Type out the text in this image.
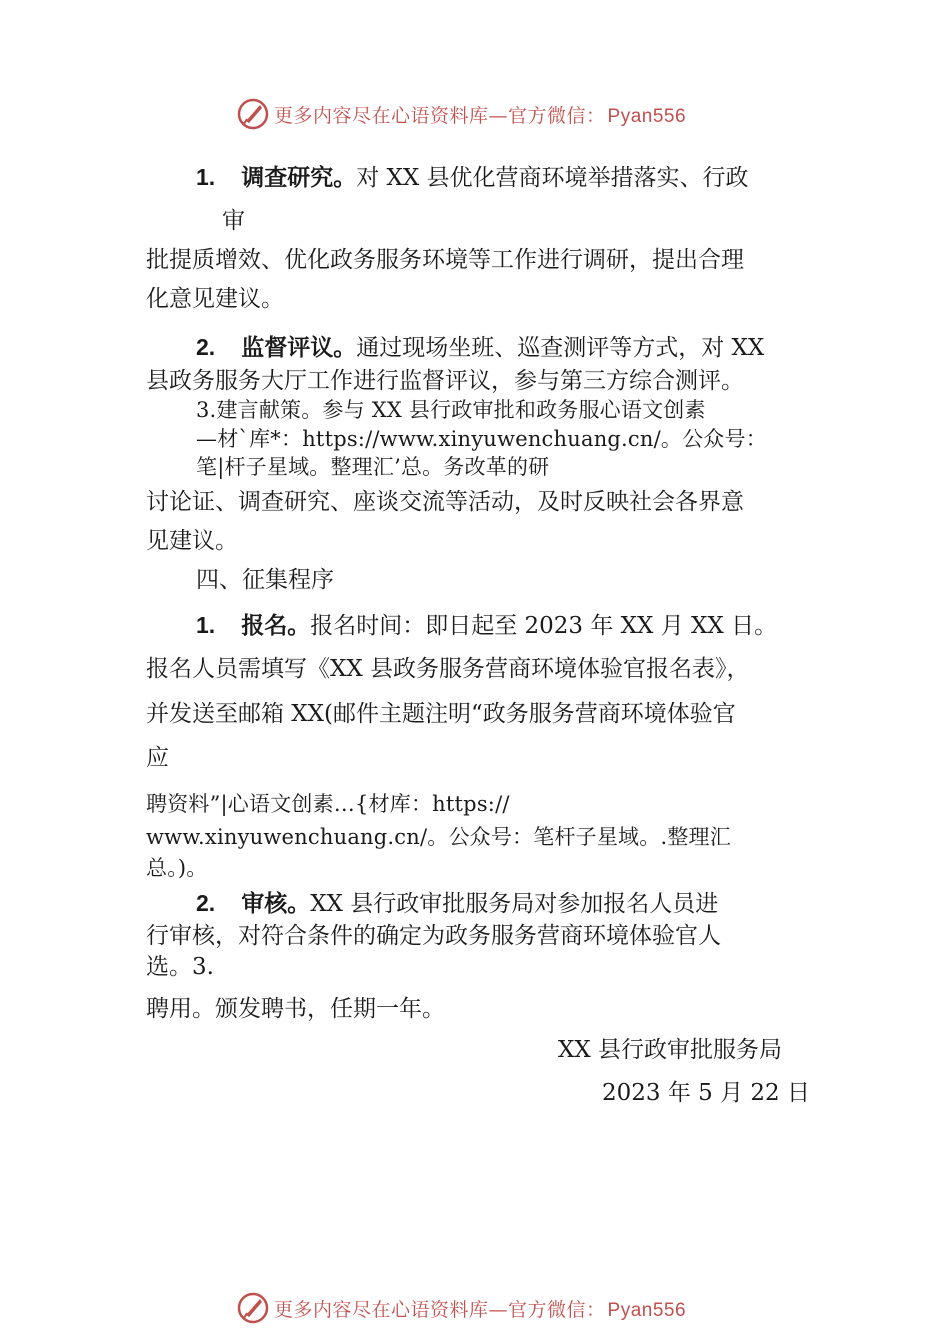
更多内容尽在心语资料库—官方微信： Pyan556
1. 调查研究。对 XX 县优化营商环境举措落实、行政
审
批提质增效、优化政务服务环境等工作进行调研，提出合理
化意见建议。
2. 监督评议。通过现场坐班、巡查测评等方式，对 XX
县政务服务大厅工作进行监督评议，参与第三方综合测评。
3.建言献策。参与 XX 县行政审批和政务服心语文创素
—材`库*：https://www.xinyuwenchuang.cn/。公众号：
笔|杆子星域。整理汇’总。务改革的研
讨论证、调查研究、座谈交流等活动，及时反映社会各界意
见建议。
四、征集程序
1. 报名。报名时间：即日起至 2023 年 XX 月 XX 日。
报名人员需填写《XX 县政务服务营商环境体验官报名表》，
并发送至邮箱 XX(邮件主题注明“政务服务营商环境体验官
应
聘资料”|心语文创素…{材库：https://
www.xinyuwenchuang.cn/。公众号：笔杆子星域。.整理汇
总。)。
2. 审核。XX 县行政审批服务局对参加报名人员进
行审核，对符合条件的确定为政务服务营商环境体验官人
选。3.
聘用。颁发聘书，任期一年。
XX 县行政审批服务局
2023 年 5 月 22 日
更多内容尽在心语资料库—官方微信： Pyan556
